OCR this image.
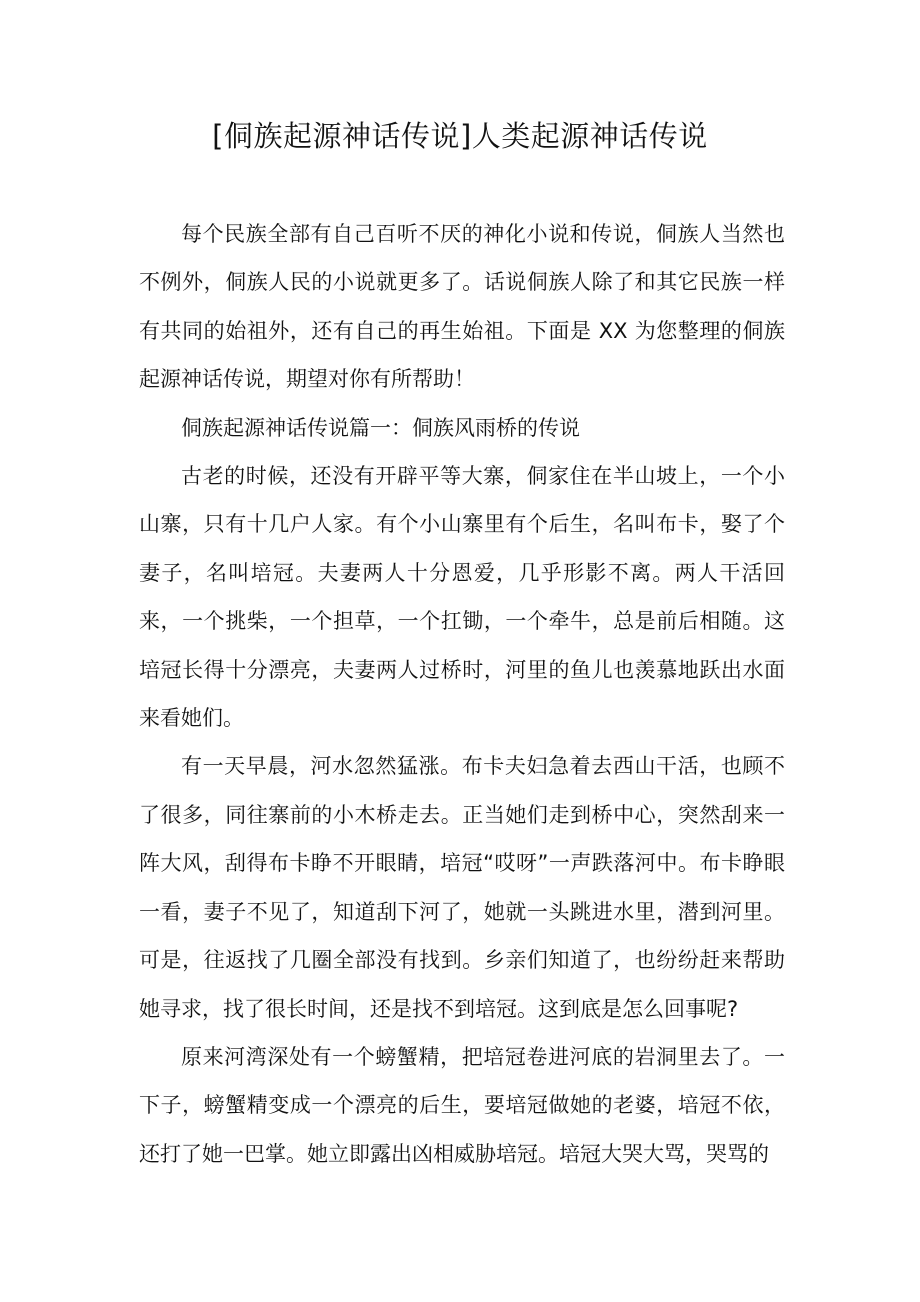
[侗族起源神话传说]人类起源神话传说

每个民族全部有自己百听不厌的神化小说和传说，侗族人当然也不例外，侗族人民的小说就更多了。话说侗族人除了和其它民族一样有共同的始祖外，还有自己的再生始祖。下面是 XX 为您整理的侗族起源神话传说，期望对你有所帮助！

侗族起源神话传说篇一：侗族风雨桥的传说

古老的时候，还没有开辟平等大寨，侗家住在半山坡上，一个小山寨，只有十几户人家。有个小山寨里有个后生，名叫布卡，娶了个妻子，名叫培冠。夫妻两人十分恩爱，几乎形影不离。两人干活回来，一个挑柴，一个担草，一个扛锄，一个牵牛，总是前后相随。这培冠长得十分漂亮，夫妻两人过桥时，河里的鱼儿也羡慕地跃出水面来看她们。

有一天早晨，河水忽然猛涨。布卡夫妇急着去西山干活，也顾不了很多，同往寨前的小木桥走去。正当她们走到桥中心，突然刮来一阵大风，刮得布卡睁不开眼睛，培冠“哎呀”一声跌落河中。布卡睁眼一看，妻子不见了，知道刮下河了，她就一头跳进水里，潜到河里。可是，往返找了几圈全部没有找到。乡亲们知道了，也纷纷赶来帮助她寻求，找了很长时间，还是找不到培冠。这到底是怎么回事呢?

原来河湾深处有一个螃蟹精，把培冠卷进河底的岩洞里去了。一下子，螃蟹精变成一个漂亮的后生，要培冠做她的老婆，培冠不依，还打了她一巴掌。她立即露出凶相威胁培冠。培冠大哭大骂，哭骂的
